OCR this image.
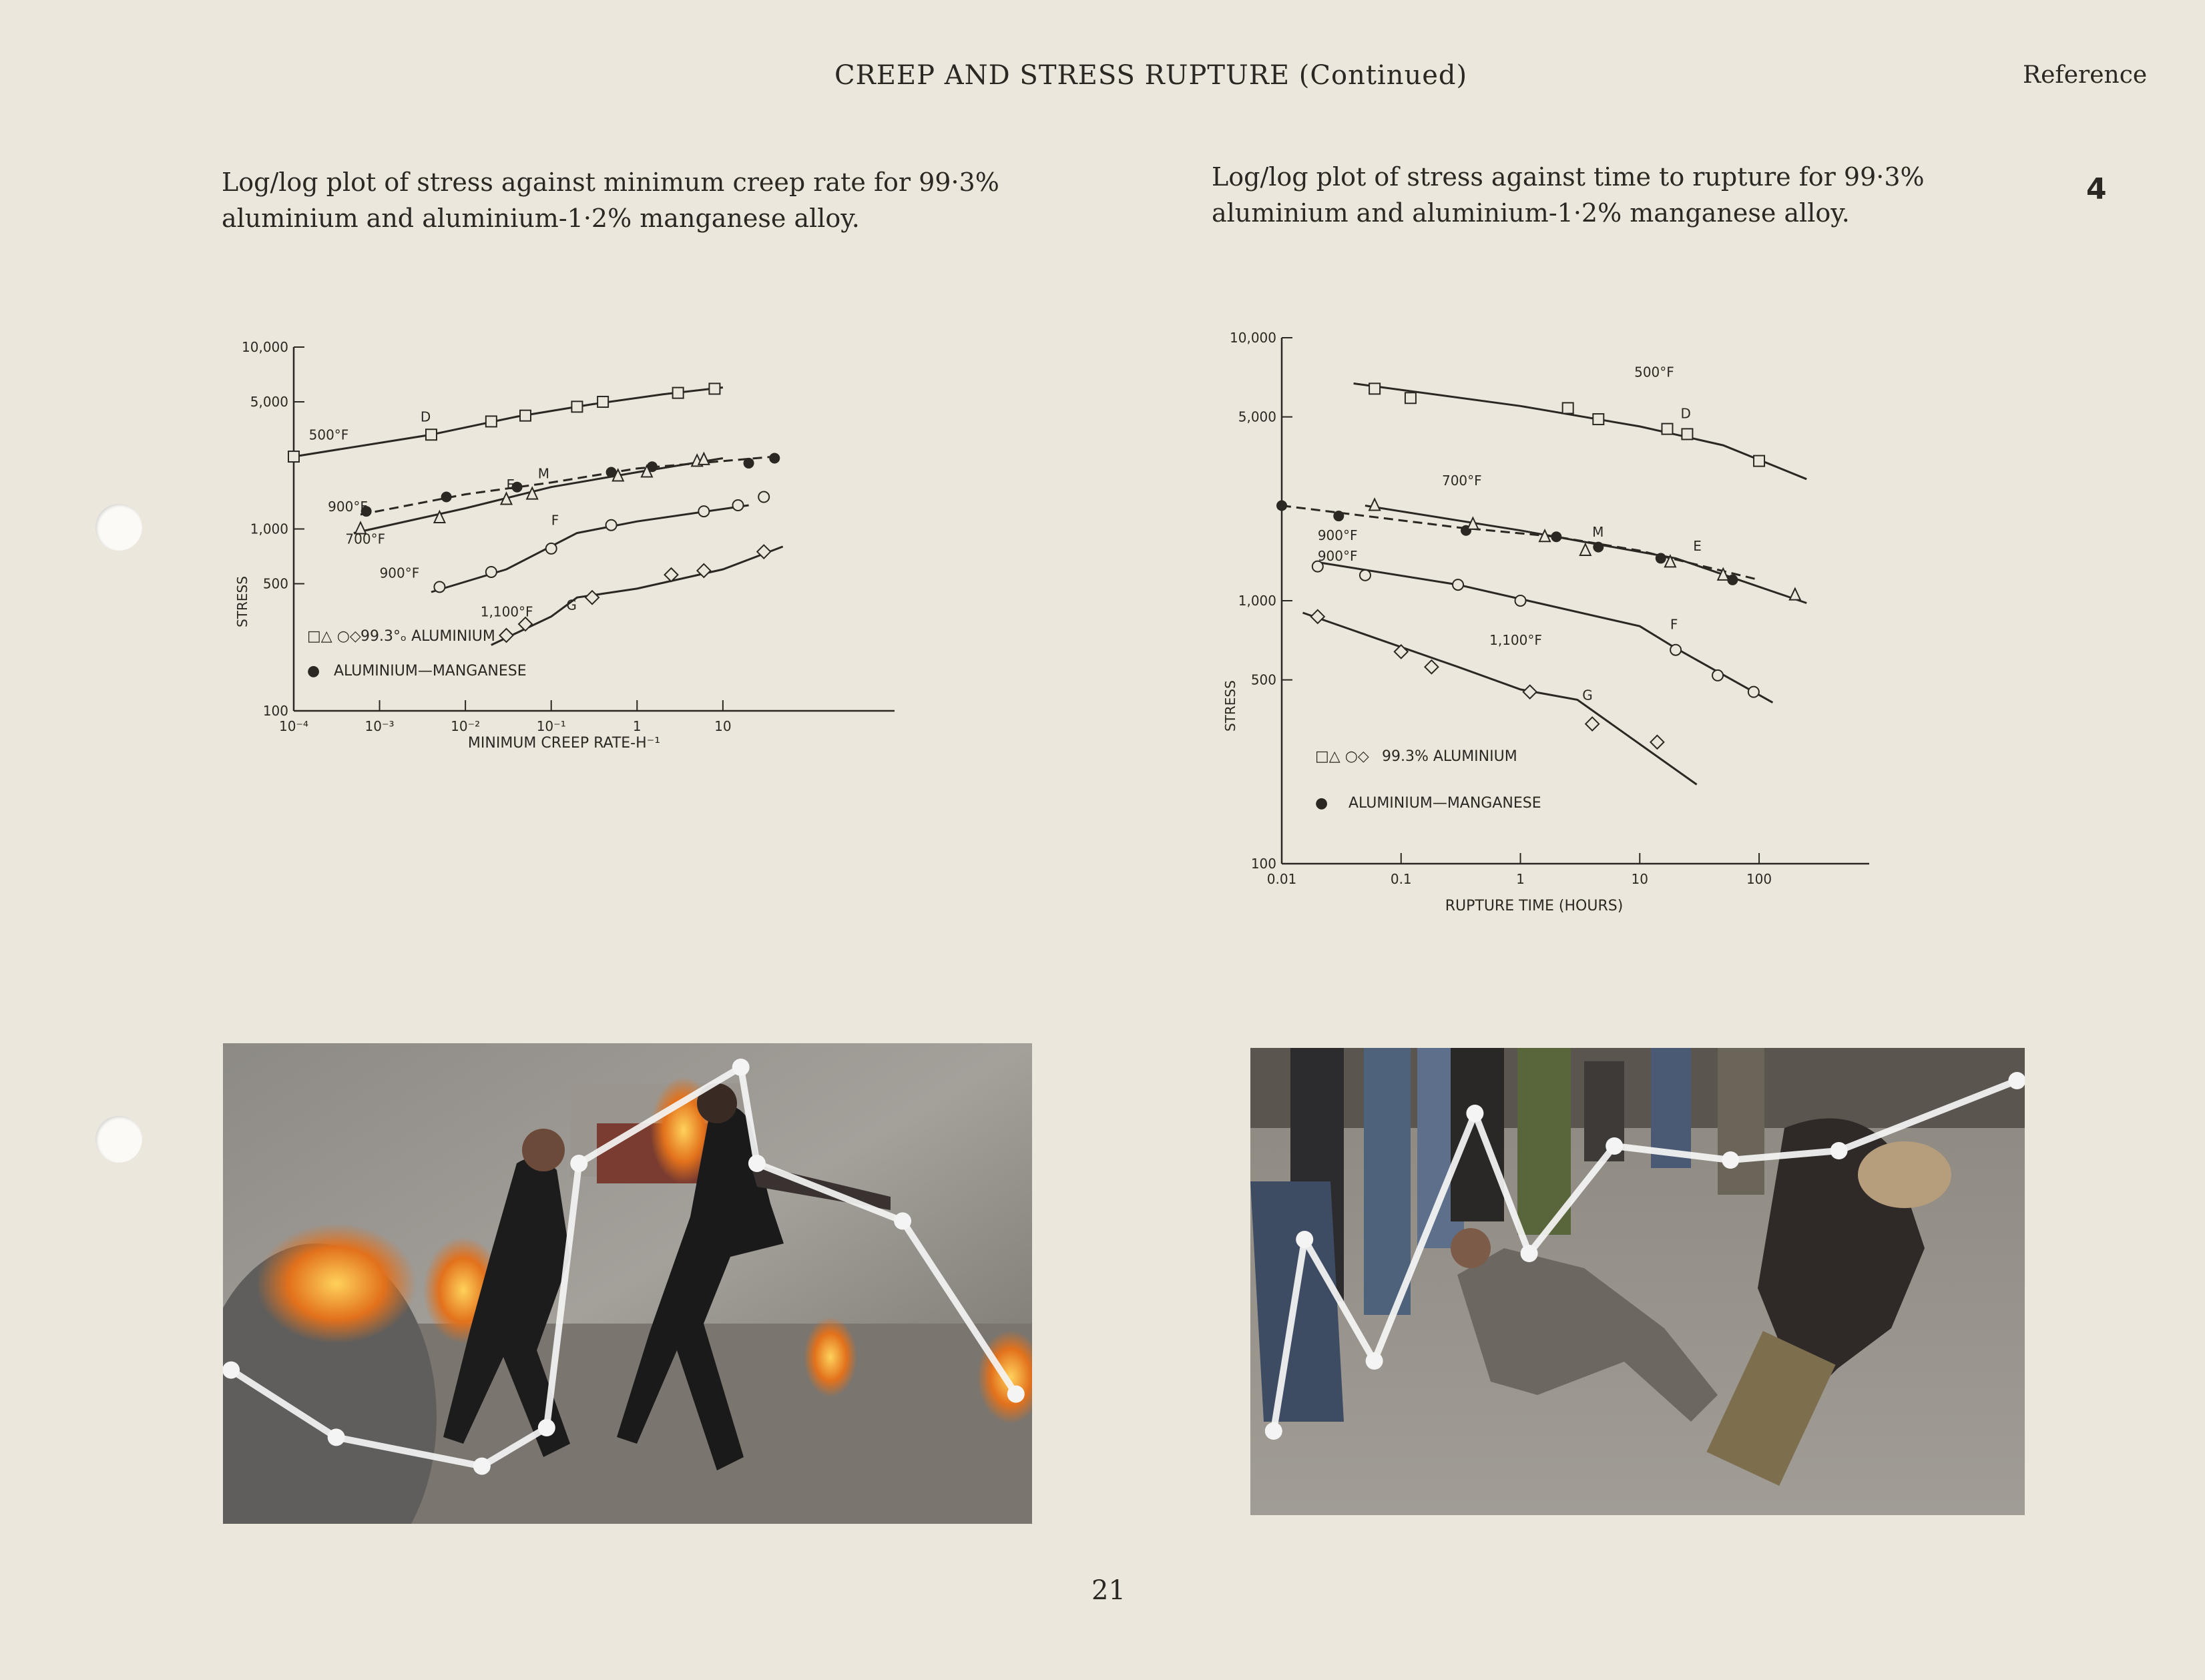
CREEP AND STRESS RUPTURE (Continued)	Reference
4
Log/log plot of stress against minimum creep rate for 99·3% aluminium and aluminium-1·2% manganese alloy.
Log/log plot of stress against time to rupture for 99·3% aluminium and aluminium-1·2% manganese alloy.
100
500
1,000
5,000
10,000
10⁻⁴	10⁻³	10⁻²	10⁻¹	1	10
STRESS
MINIMUM CREEP RATE-H⁻¹
500°F
D
900°F
700°F
E
M
F
900°F
1,100°F G
□△ ○◇ 99.3°ₒ ALUMINIUM
● ALUMINIUM—MANGANESE
100
500
1,000
5,000
10,000
0.01	0.1	1	10	100
STRESS
RUPTURE TIME (HOURS)
500°F
D
700°F
900°F
900°F
M
E
F
1,100°F
G
□△ ○◇ 99.3% ALUMINIUM
● ALUMINIUM—MANGANESE
21
